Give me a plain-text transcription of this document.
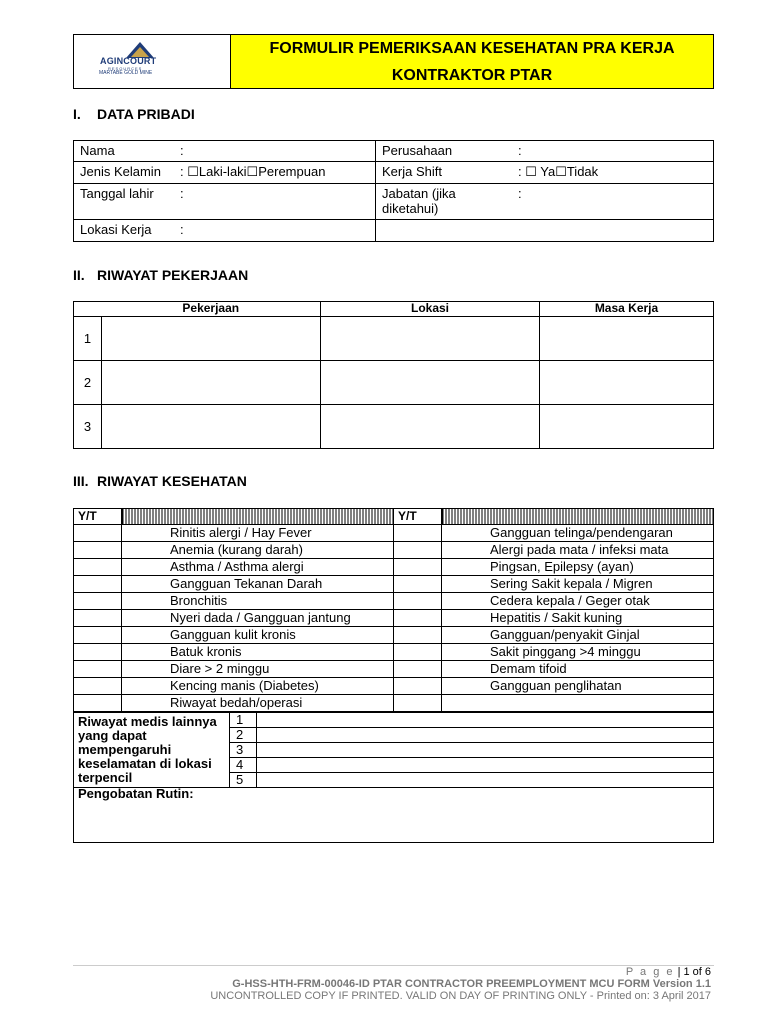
AGINCOURT
RESOURCES
MARTABE GOLD MINE
FORMULIR PEMERIKSAAN KESEHATAN PRA KERJA
KONTRAKTOR PTAR
I. DATA PRIBADI
Nama :	Perusahaan :
Jenis Kelamin : ☐Laki-laki☐Perempuan	Kerja Shift : ☐ Ya☐Tidak
Tanggal lahir :	Jabatan (jika diketahui):
Lokasi Kerja :	
II. RIWAYAT PEKERJAAN
	Pekerjaan	Lokasi	Masa Kerja
1			
2			
3			
III. RIWAYAT KESEHATAN
Y/T		Y/T	
	Rinitis alergi / Hay Fever		Gangguan telinga/pendengaran
	Anemia (kurang darah)		Alergi pada mata / infeksi mata
	Asthma / Asthma alergi		Pingsan, Epilepsy (ayan)
	Gangguan Tekanan Darah		Sering Sakit kepala / Migren
	Bronchitis		Cedera kepala / Geger otak
	Nyeri dada / Gangguan jantung		Hepatitis / Sakit kuning
	Gangguan kulit kronis		Gangguan/penyakit Ginjal
	Batuk kronis		Sakit pinggang >4 minggu
	Diare > 2 minggu		Demam tifoid
	Kencing manis (Diabetes)		Gangguan penglihatan
	Riwayat bedah/operasi		
Riwayat medis lainnya yang dapat mempengaruhi keselamatan di lokasi terpencil	1	
	2	
	3	
	4	
	5	
Pengobatan Rutin:
P a g e | 1 of 6
G-HSS-HTH-FRM-00046-ID PTAR CONTRACTOR PREEMPLOYMENT MCU FORM Version 1.1
UNCONTROLLED COPY IF PRINTED. VALID ON DAY OF PRINTING ONLY - Printed on: 3 April 2017
